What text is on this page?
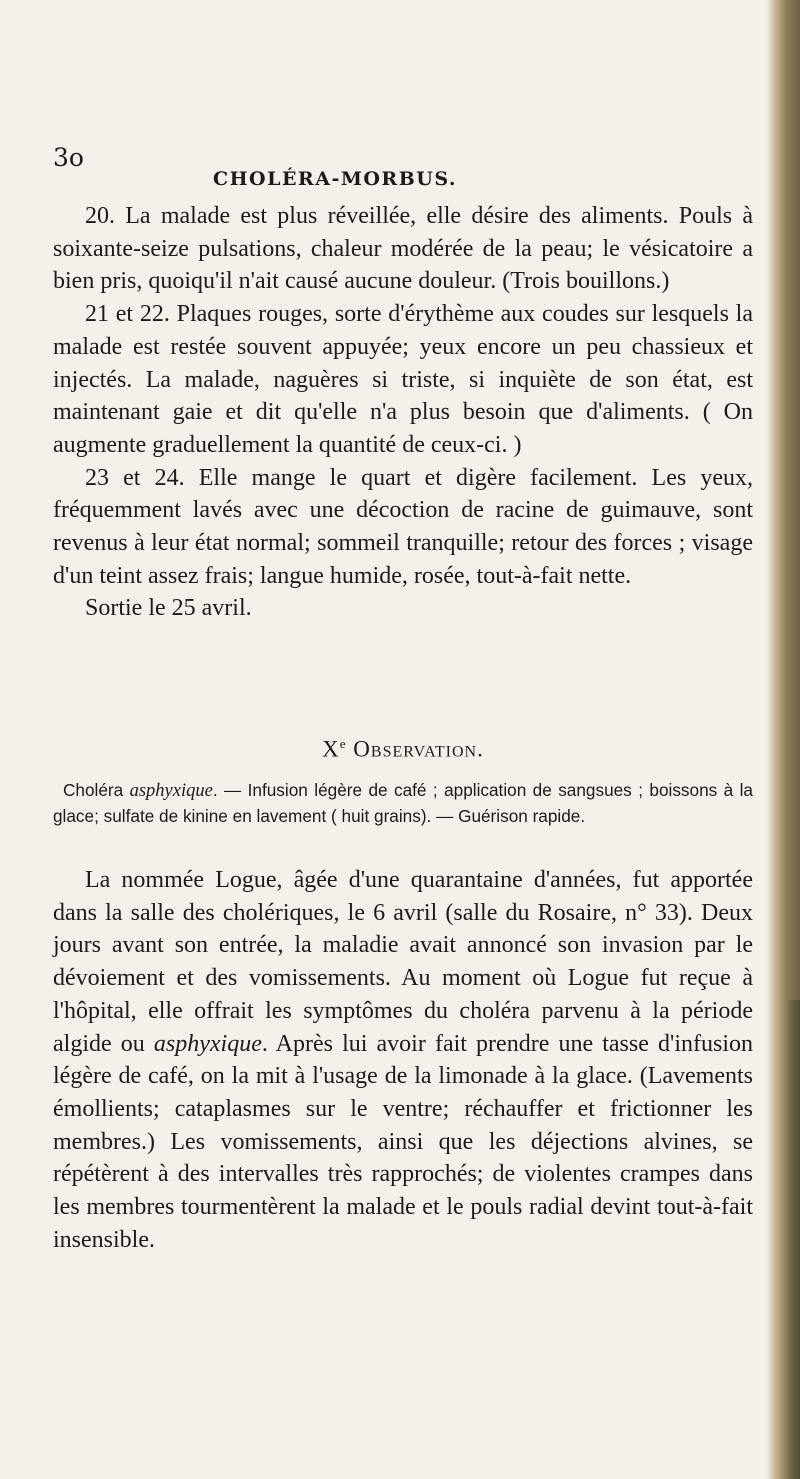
3o
CHOLÉRA-MORBUS.

20. La malade est plus réveillée, elle désire des aliments. Pouls à soixante-seize pulsations, chaleur modérée de la peau; le vésicatoire a bien pris, quoiqu'il n'ait causé aucune douleur. (Trois bouillons.)

21 et 22. Plaques rouges, sorte d'érythème aux coudes sur lesquels la malade est restée souvent appuyée; yeux encore un peu chassieux et injectés. La malade, naguères si triste, si inquiète de son état, est maintenant gaie et dit qu'elle n'a plus besoin que d'aliments. ( On augmente graduellement la quantité de ceux-ci. )

23 et 24. Elle mange le quart et digère facilement. Les yeux, fréquemment lavés avec une décoction de racine de guimauve, sont revenus à leur état normal; sommeil tranquille; retour des forces ; visage d'un teint assez frais; langue humide, rosée, tout-à-fait nette.

Sortie le 25 avril.

Xe Observation.
Choléra asphyxique. — Infusion légère de café ; application de sangsues ; boissons à la glace; sulfate de kinine en lavement ( huit grains). — Guérison rapide.

La nommée Logue, âgée d'une quarantaine d'années, fut apportée dans la salle des cholériques, le 6 avril (salle du Rosaire, n° 33). Deux jours avant son entrée, la maladie avait annoncé son invasion par le dévoiement et des vomissements. Au moment où Logue fut reçue à l'hôpital, elle offrait les symptômes du choléra parvenu à la période algide ou asphyxique. Après lui avoir fait prendre une tasse d'infusion légère de café, on la mit à l'usage de la limonade à la glace. (Lavements émollients; cataplasmes sur le ventre; réchauffer et frictionner les membres.) Les vomissements, ainsi que les déjections alvines, se répétèrent à des intervalles très rapprochés; de violentes crampes dans les membres tourmentèrent la malade et le pouls radial devint tout-à-fait insensible.
